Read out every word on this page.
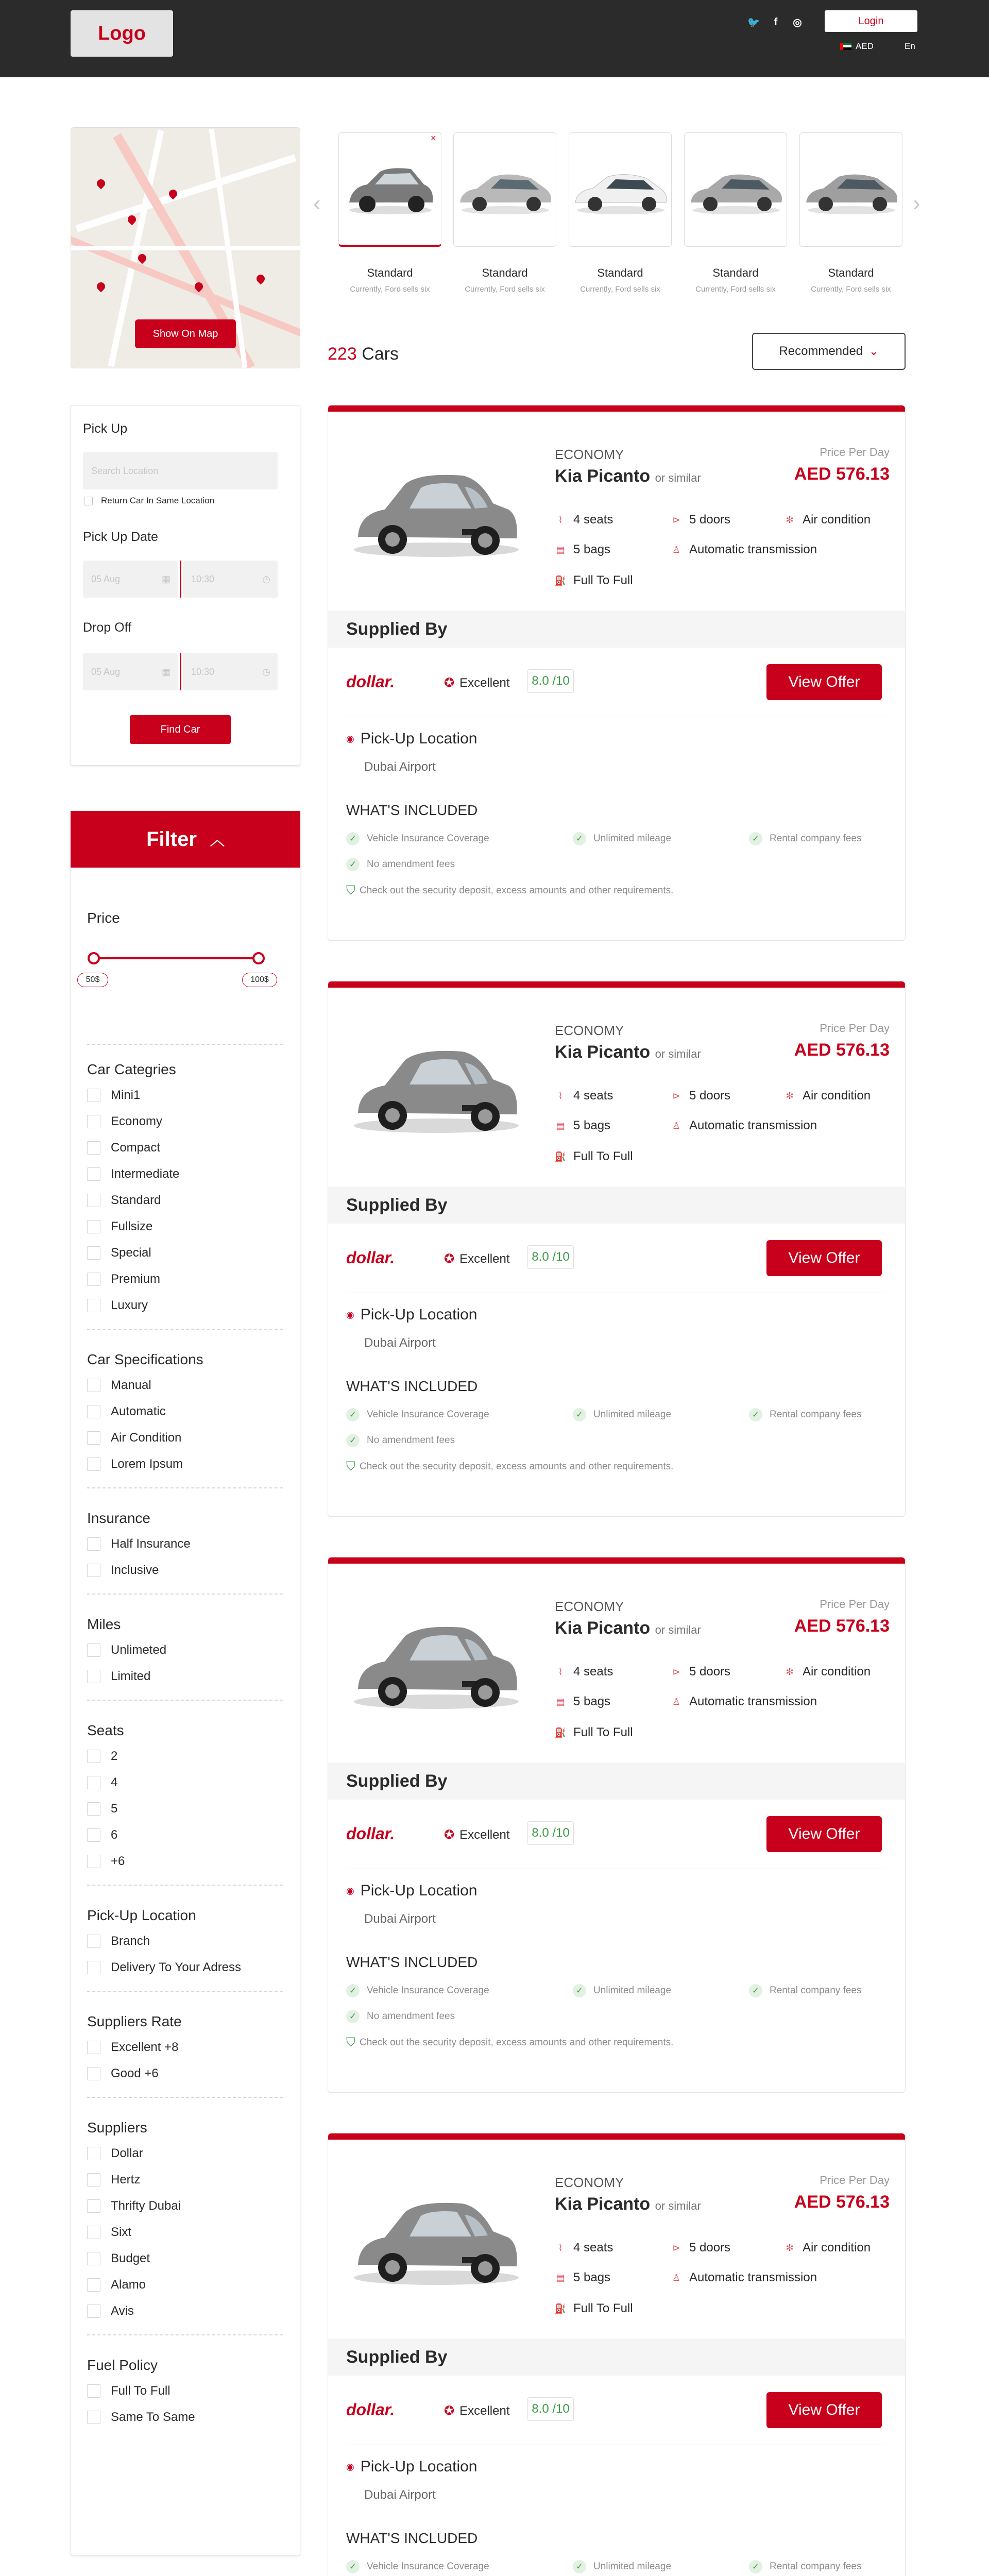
Logo	🐦	f	◎	Login
AED	En
Show On Map
‹	›
×
Standard
Currently, Ford sells six
Standard
Currently, Ford sells six
Standard
Currently, Ford sells six
Standard
Currently, Ford sells six
Standard
Currently, Ford sells six
223 Cars	Recommended ⌄
Pick Up
Search Location
Return Car In Same Location
Pick Up Date
05 Aug	▦ 10:30	◷
Drop Off
05 Aug	▦ 10:30	◷
Find Car
Filter ︿
Price
50$	100$
Car Categries
Mini1
Economy
Compact
Intermediate
Standard
Fullsize
Special
Premium
Luxury
Car Specifications
Manual
Automatic
Air Condition
Lorem Ipsum
Insurance
Half Insurance
Inclusive
Miles
Unlimeted
Limited
Seats
2
4
5
6
+6
Pick-Up Location
Branch
Delivery To Your Adress
Suppliers Rate
Excellent +8
Good +6
Suppliers
Dollar
Hertz
Thrifty Dubai
Sixt
Budget
Alamo
Avis
Fuel Policy
Full To Full
Same To Same
ECONOMY
Kia Picanto or similar
Price Per Day
AED 576.13
⌇ 4 seats	⊳ 5 doors	✻ Air condition
▤ 5 bags	♙ Automatic transmission
⛽ Full To Full
Supplied By
dollar.	✪ Excellent	8.0 /10	View Offer
◉ Pick-Up Location
Dubai Airport
WHAT'S INCLUDED
✓	Vehicle Insurance Coverage	✓	Unlimited mileage	✓	Rental company fees
✓	No amendment fees
⛉ Check out the security deposit, excess amounts and other requirements.
ECONOMY
Kia Picanto or similar
Price Per Day
AED 576.13
⌇ 4 seats	⊳ 5 doors	✻ Air condition
▤ 5 bags	♙ Automatic transmission
⛽ Full To Full
Supplied By
dollar.	✪ Excellent	8.0 /10	View Offer
◉ Pick-Up Location
Dubai Airport
WHAT'S INCLUDED
✓	Vehicle Insurance Coverage	✓	Unlimited mileage	✓	Rental company fees
✓	No amendment fees
⛉ Check out the security deposit, excess amounts and other requirements.
ECONOMY
Kia Picanto or similar
Price Per Day
AED 576.13
⌇ 4 seats	⊳ 5 doors	✻ Air condition
▤ 5 bags	♙ Automatic transmission
⛽ Full To Full
Supplied By
dollar.	✪ Excellent	8.0 /10	View Offer
◉ Pick-Up Location
Dubai Airport
WHAT'S INCLUDED
✓	Vehicle Insurance Coverage	✓	Unlimited mileage	✓	Rental company fees
✓	No amendment fees
⛉ Check out the security deposit, excess amounts and other requirements.
ECONOMY
Kia Picanto or similar
Price Per Day
AED 576.13
⌇ 4 seats	⊳ 5 doors	✻ Air condition
▤ 5 bags	♙ Automatic transmission
⛽ Full To Full
Supplied By
dollar.	✪ Excellent	8.0 /10	View Offer
◉ Pick-Up Location
Dubai Airport
WHAT'S INCLUDED
✓	Vehicle Insurance Coverage	✓	Unlimited mileage	✓	Rental company fees
